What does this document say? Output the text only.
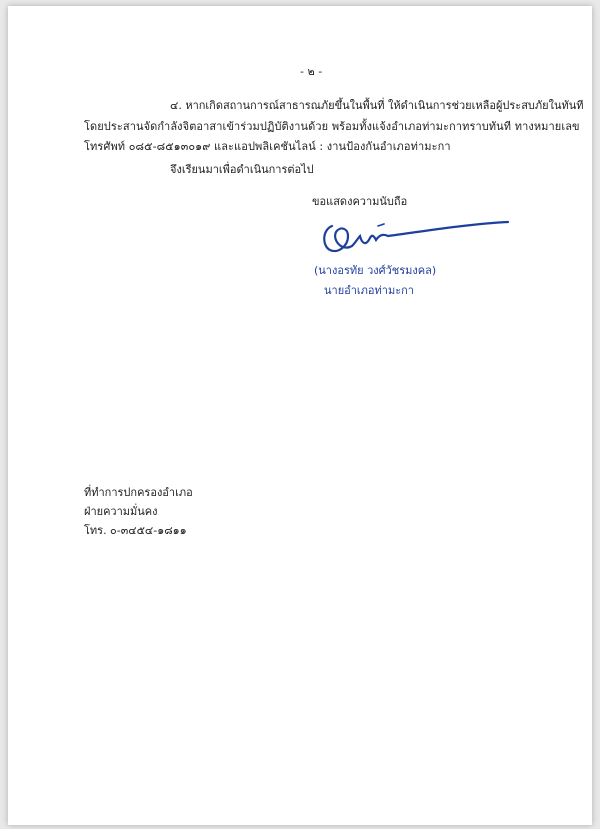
- ๒ -
๔. หากเกิดสถานการณ์สาธารณภัยขึ้นในพื้นที่ ให้ดำเนินการช่วยเหลือผู้ประสบภัยในทันที
โดยประสานจัดกำลังจิตอาสาเข้าร่วมปฏิบัติงานด้วย พร้อมทั้งแจ้งอำเภอท่ามะกาทราบทันที ทางหมายเลข
โทรศัพท์ ๐๘๕-๘๕๑๓๐๑๙ และแอปพลิเคชันไลน์ : งานป้องกันอำเภอท่ามะกา
จึงเรียนมาเพื่อดำเนินการต่อไป
ขอแสดงความนับถือ
(นางอรทัย วงศ์วัชรมงคล)
นายอำเภอท่ามะกา
ที่ทำการปกครองอำเภอ
ฝ่ายความมั่นคง
โทร. ๐-๓๔๕๔-๑๘๑๑
